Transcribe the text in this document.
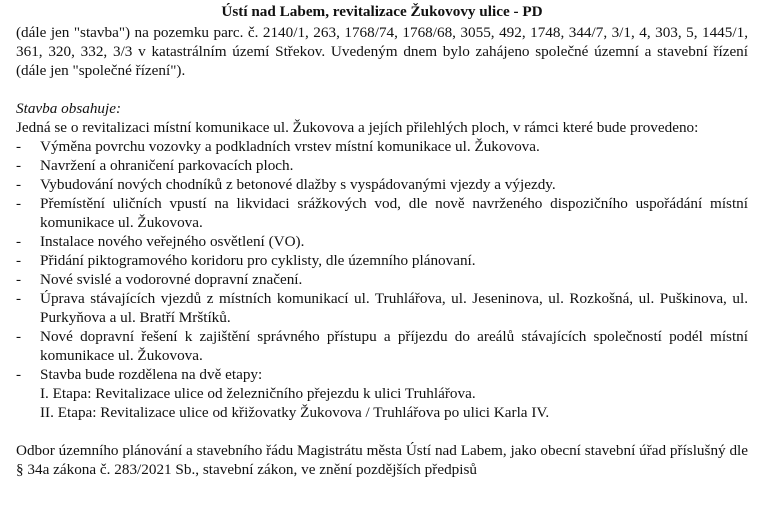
Ústí nad Labem, revitalizace Žukovovy ulice - PD

(dále jen "stavba") na pozemku parc. č. 2140/1, 263, 1768/74, 1768/68, 3055, 492, 1748, 344/7, 3/1, 4, 303, 5, 1445/1, 361, 320, 332, 3/3 v katastrálním území Střekov. Uvedeným dnem bylo zahájeno společné územní a stavební řízení (dále jen "společné řízení").

Stavba obsahuje:

Jedná se o revitalizaci místní komunikace ul. Žukovova a jejích přilehlých ploch, v rámci které bude provedeno:

- Výměna povrchu vozovky a podkladních vrstev místní komunikace ul. Žukovova.
- Navržení a ohraničení parkovacích ploch.
- Vybudování nových chodníků z betonové dlažby s vyspádovanými vjezdy a výjezdy.
- Přemístění uličních vpustí na likvidaci srážkových vod, dle nově navrženého dispozičního uspořádání místní komunikace ul. Žukovova.
- Instalace nového veřejného osvětlení (VO).
- Přidání piktogramového koridoru pro cyklisty, dle územního plánovaní.
- Nové svislé a vodorovné dopravní značení.
- Úprava stávajících vjezdů z místních komunikací ul. Truhlářova, ul. Jeseninova, ul. Rozkošná, ul. Puškinova, ul. Purkyňova a ul. Bratří Mrštíků.
- Nové dopravní řešení k zajištění správného přístupu a příjezdu do areálů stávajících společností podél místní komunikace ul. Žukovova.
- Stavba bude rozdělena na dvě etapy:
I. Etapa: Revitalizace ulice od železničního přejezdu k ulici Truhlářova.
II. Etapa: Revitalizace ulice od křižovatky Žukovova / Truhlářova po ulici Karla IV.

Odbor územního plánování a stavebního řádu Magistrátu města Ústí nad Labem, jako obecní stavební úřad příslušný dle § 34a zákona č. 283/2021 Sb., stavební zákon, ve znění pozdějších předpisů
